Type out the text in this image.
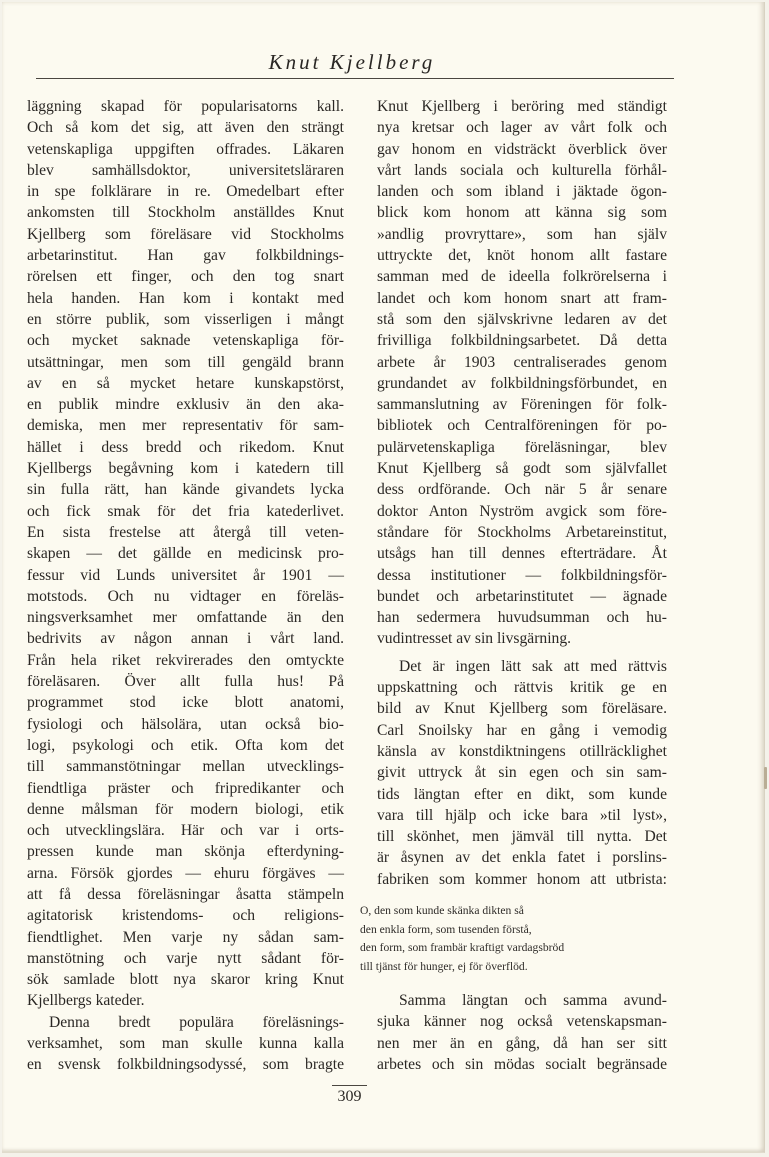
Knut Kjellberg
läggning skapad för popularisatorns kall.
Och så kom det sig, att även den strängt
vetenskapliga uppgiften offrades. Läkaren
blev samhällsdoktor, universitetsläraren
in spe folklärare in re. Omedelbart efter
ankomsten till Stockholm anställdes Knut
Kjellberg som föreläsare vid Stockholms
arbetarinstitut. Han gav folkbildnings-
rörelsen ett finger, och den tog snart
hela handen. Han kom i kontakt med
en större publik, som visserligen i mångt
och mycket saknade vetenskapliga för-
utsättningar, men som till gengäld brann
av en så mycket hetare kunskapstörst,
en publik mindre exklusiv än den aka-
demiska, men mer representativ för sam-
hället i dess bredd och rikedom. Knut
Kjellbergs begåvning kom i katedern till
sin fulla rätt, han kände givandets lycka
och fick smak för det fria katederlivet.
En sista frestelse att återgå till veten-
skapen — det gällde en medicinsk pro-
fessur vid Lunds universitet år 1901 —
motstods. Och nu vidtager en föreläs-
ningsverksamhet mer omfattande än den
bedrivits av någon annan i vårt land.
Från hela riket rekvirerades den omtyckte
föreläsaren. Över allt fulla hus! På
programmet stod icke blott anatomi,
fysiologi och hälsolära, utan också bio-
logi, psykologi och etik. Ofta kom det
till sammanstötningar mellan utvecklings-
fiendtliga präster och fripredikanter och
denne målsman för modern biologi, etik
och utvecklingslära. Här och var i orts-
pressen kunde man skönja efterdyning-
arna. Försök gjordes — ehuru förgäves —
att få dessa föreläsningar åsatta stämpeln
agitatorisk kristendoms- och religions-
fiendtlighet. Men varje ny sådan sam-
manstötning och varje nytt sådant för-
sök samlade blott nya skaror kring Knut
Kjellbergs kateder.
Denna bredt populära föreläsnings-
verksamhet, som man skulle kunna kalla
en svensk folkbildningsodyssé, som bragte
Knut Kjellberg i beröring med ständigt
nya kretsar och lager av vårt folk och
gav honom en vidsträckt överblick över
vårt lands sociala och kulturella förhål-
landen och som ibland i jäktade ögon-
blick kom honom att känna sig som
»andlig provryttare», som han själv
uttryckte det, knöt honom allt fastare
samman med de ideella folkrörelserna i
landet och kom honom snart att fram-
stå som den självskrivne ledaren av det
frivilliga folkbildningsarbetet. Då detta
arbete år 1903 centraliserades genom
grundandet av folkbildningsförbundet, en
sammanslutning av Föreningen för folk-
bibliotek och Centralföreningen för po-
pulärvetenskapliga föreläsningar, blev
Knut Kjellberg så godt som självfallet
dess ordförande. Och när 5 år senare
doktor Anton Nyström avgick som före-
ståndare för Stockholms Arbetareinstitut,
utsågs han till dennes efterträdare. Åt
dessa institutioner — folkbildningsför-
bundet och arbetarinstitutet — ägnade
han sedermera huvudsumman och hu-
vudintresset av sin livsgärning.
Det är ingen lätt sak att med rättvis
uppskattning och rättvis kritik ge en
bild av Knut Kjellberg som föreläsare.
Carl Snoilsky har en gång i vemodig
känsla av konstdiktningens otillräcklighet
givit uttryck åt sin egen och sin sam-
tids längtan efter en dikt, som kunde
vara till hjälp och icke bara »til lyst»,
till skönhet, men jämväl till nytta. Det
är åsynen av det enkla fatet i porslins-
fabriken som kommer honom att utbrista:
O, den som kunde skänka dikten så
den enkla form, som tusenden förstå,
den form, som frambär kraftigt vardagsbröd
till tjänst för hunger, ej för överflöd.
Samma längtan och samma avund-
sjuka känner nog också vetenskapsman-
nen mer än en gång, då han ser sitt
arbetes och sin mödas socialt begränsade
309
